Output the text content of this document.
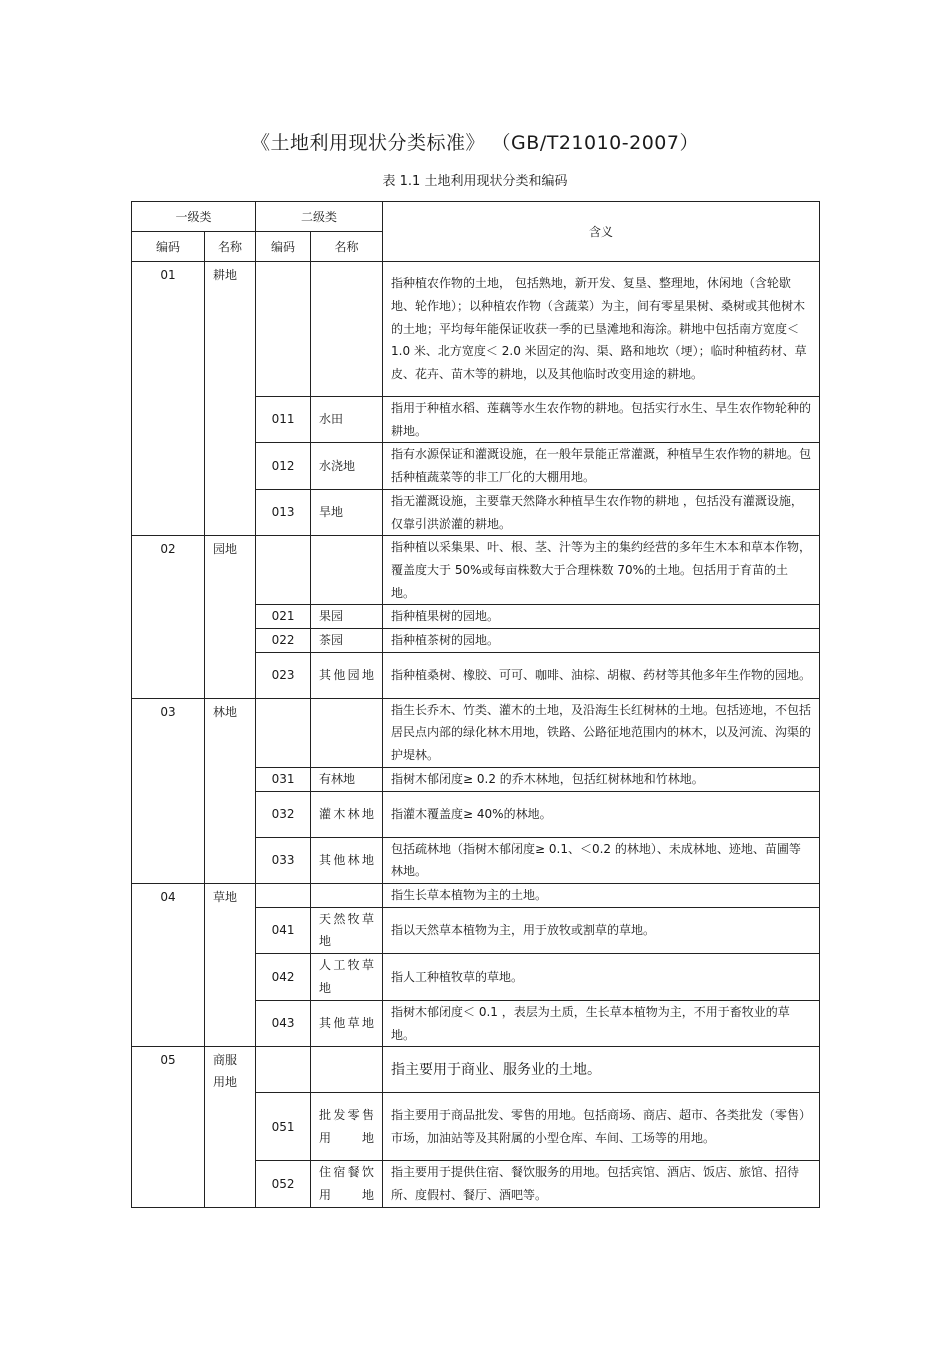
《土地利用现状分类标准》 （GB/T21010-2007）
表 1.1 土地利用现状分类和编码
一级类		二级类		含义
编码	名称	编码	名称	
01	耕地			指种植农作物的土地， 包括熟地，新开发、复垦、整理地，休闲地（含轮歇地、轮作地）；以种植农作物（含蔬菜）为主，间有零星果树、桑树或其他树木的土地；平均每年能保证收获一季的已垦滩地和海涂。耕地中包括南方宽度＜ 1.0 米、北方宽度＜ 2.0 米固定的沟、渠、路和地坎（埂）；临时种植药材、草皮、花卉、苗木等的耕地，以及其他临时改变用途的耕地。
		011	水田	指用于种植水稻、莲藕等水生农作物的耕地。包括实行水生、旱生农作物轮种的耕地。
		012	水浇地	指有水源保证和灌溉设施，在一般年景能正常灌溉，种植旱生农作物的耕地。包括种植蔬菜等的非工厂化的大棚用地。
		013	旱地	指无灌溉设施，主要靠天然降水种植旱生农作物的耕地 ，包括没有灌溉设施，仅靠引洪淤灌的耕地。
02	园地			指种植以采集果、叶、根、茎、汁等为主的集约经营的多年生木本和草本作物，覆盖度大于 50%或每亩株数大于合理株数 70%的土地。包括用于育苗的土地。
		021	果园	指种植果树的园地。
		022	茶园	指种植茶树的园地。
		023	其他园地	指种植桑树、橡胶、可可、咖啡、油棕、胡椒、药材等其他多年生作物的园地。
03	林地			指生长乔木、竹类、灌木的土地，及沿海生长红树林的土地。包括迹地，不包括居民点内部的绿化林木用地，铁路、公路征地范围内的林木，以及河流、沟渠的护堤林。
		031	有林地	指树木郁闭度≥ 0.2 的乔木林地，包括红树林地和竹林地。
		032	灌木林地	指灌木覆盖度≥ 40%的林地。
		033	其他林地	包括疏林地（指树木郁闭度≥ 0.1、＜0.2 的林地）、未成林地、迹地、苗圃等林地。
04	草地			指生长草本植物为主的土地。
		041	天然牧草地	指以天然草本植物为主，用于放牧或割草的草地。
		042	人工牧草地	指人工种植牧草的草地。
		043	其他草地	指树木郁闭度＜ 0.1 ，表层为土质，生长草本植物为主，不用于畜牧业的草地。
05	商服用地			指主要用于商业、服务业的土地。
		051	批发零售用地	指主要用于商品批发、零售的用地。包括商场、商店、超市、各类批发（零售）市场，加油站等及其附属的小型仓库、车间、工场等的用地。
		052	住宿餐饮用地	指主要用于提供住宿、餐饮服务的用地。包括宾馆、酒店、饭店、旅馆、招待所、度假村、餐厅、酒吧等。
